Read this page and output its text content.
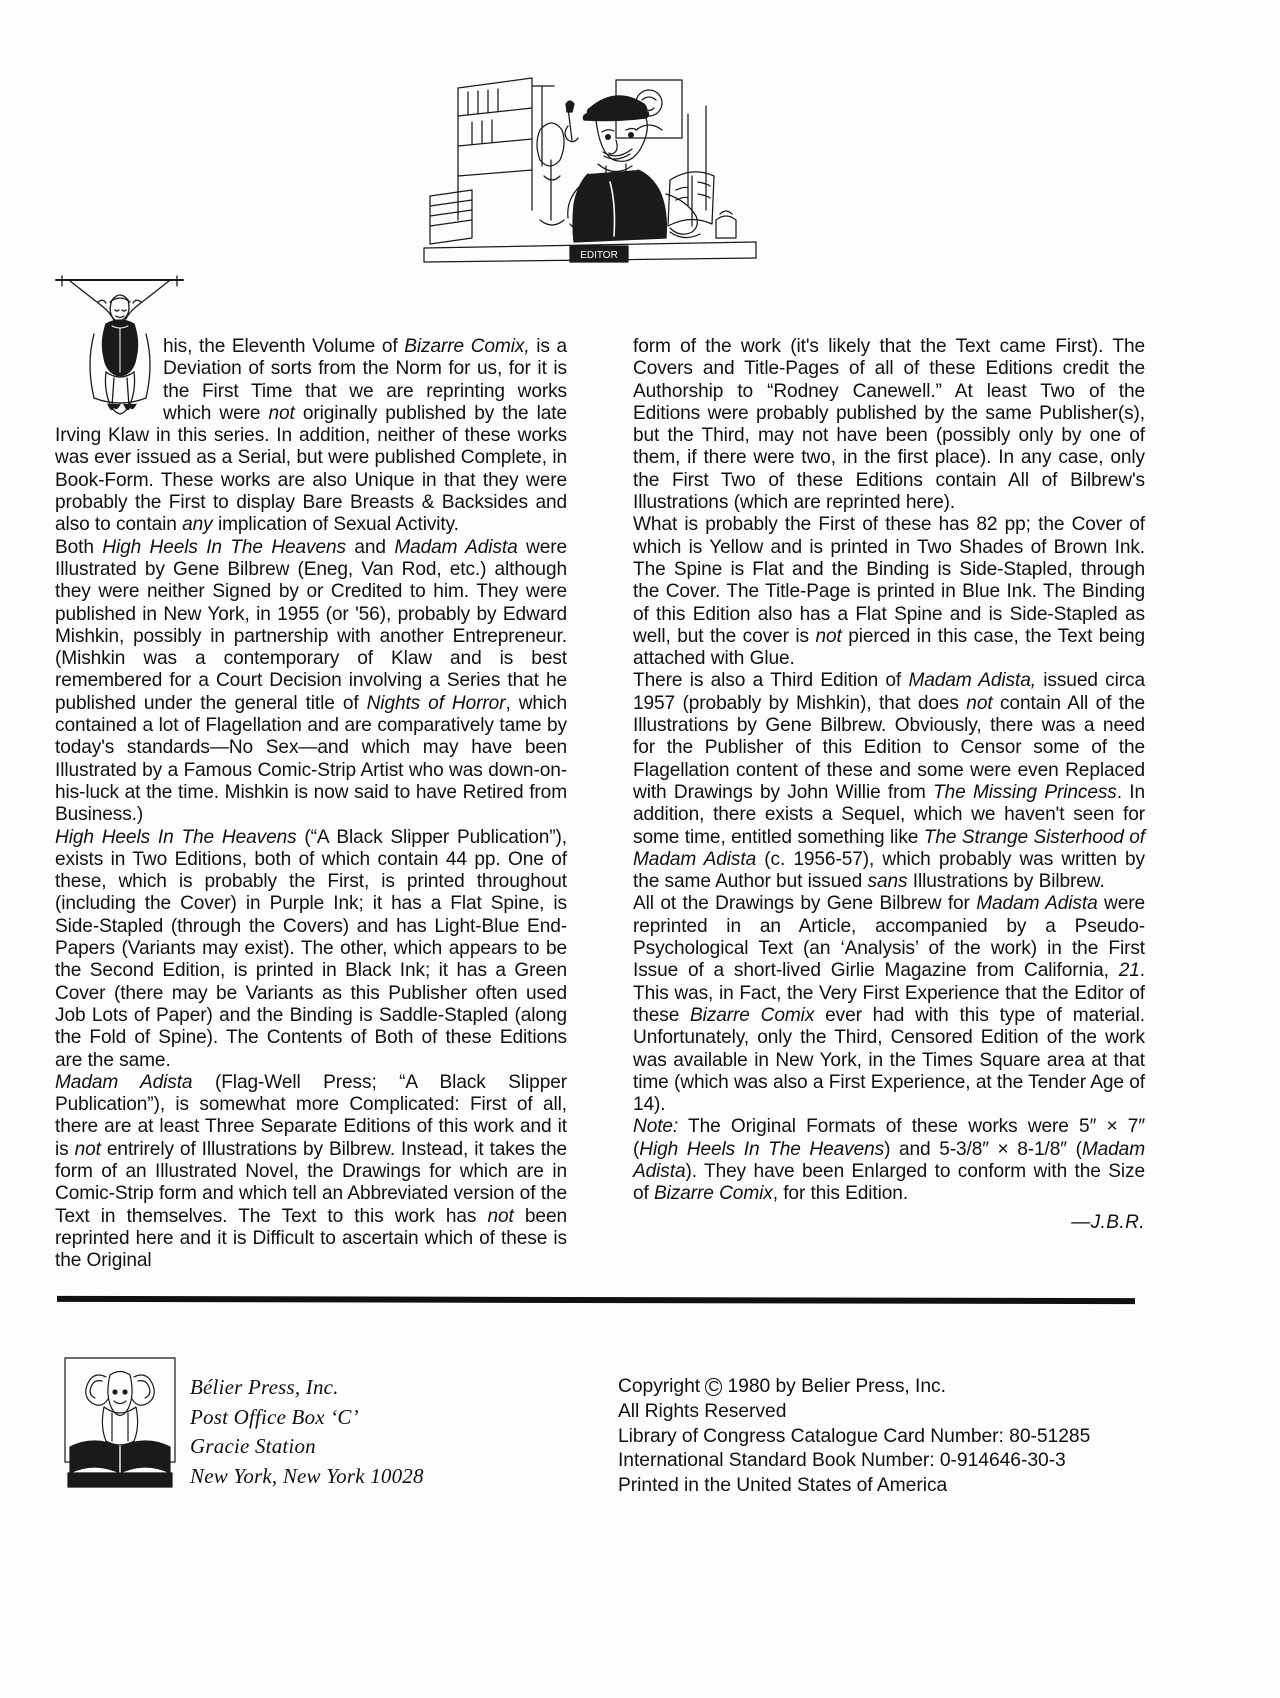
EDITOR

his, the Eleventh Volume of Bizarre Comix, is a Deviation of sorts from the Norm for us, for it is the First Time that we are reprinting works which were not originally published by the late Irving Klaw in this series. In addition, neither of these works was ever issued as a Serial, but were published Complete, in Book-Form. These works are also Unique in that they were probably the First to display Bare Breasts & Backsides and also to contain any implication of Sexual Activity.

Both High Heels In The Heavens and Madam Adista were Illustrated by Gene Bilbrew (Eneg, Van Rod, etc.) although they were neither Signed by or Credited to him. They were published in New York, in 1955 (or '56), probably by Edward Mishkin, possibly in partnership with another Entrepreneur. (Mishkin was a contemporary of Klaw and is best remembered for a Court Decision involving a Series that he published under the general title of Nights of Horror, which contained a lot of Flagellation and are comparatively tame by today's standards—No Sex—and which may have been Illustrated by a Famous Comic-Strip Artist who was down-on-his-luck at the time. Mishkin is now said to have Retired from Business.)

High Heels In The Heavens (“A Black Slipper Publication”), exists in Two Editions, both of which contain 44 pp. One of these, which is probably the First, is printed throughout (including the Cover) in Purple Ink; it has a Flat Spine, is Side-Stapled (through the Covers) and has Light-Blue End-Papers (Variants may exist). The other, which appears to be the Second Edition, is printed in Black Ink; it has a Green Cover (there may be Variants as this Publisher often used Job Lots of Paper) and the Binding is Saddle-Stapled (along the Fold of Spine). The Contents of Both of these Editions are the same.

Madam Adista (Flag-Well Press; “A Black Slipper Publication”), is somewhat more Complicated: First of all, there are at least Three Separate Editions of this work and it is not entrirely of Illustrations by Bilbrew. Instead, it takes the form of an Illustrated Novel, the Drawings for which are in Comic-Strip form and which tell an Abbreviated version of the Text in themselves. The Text to this work has not been reprinted here and it is Difficult to ascertain which of these is the Original

form of the work (it's likely that the Text came First). The Covers and Title-Pages of all of these Editions credit the Authorship to “Rodney Canewell.” At least Two of the Editions were probably published by the same Publisher(s), but the Third, may not have been (possibly only by one of them, if there were two, in the first place). In any case, only the First Two of these Editions contain All of Bilbrew's Illustrations (which are reprinted here).

What is probably the First of these has 82 pp; the Cover of which is Yellow and is printed in Two Shades of Brown Ink. The Spine is Flat and the Binding is Side-Stapled, through the Cover. The Title-Page is printed in Blue Ink. The Binding of this Edition also has a Flat Spine and is Side-Stapled as well, but the cover is not pierced in this case, the Text being attached with Glue.

There is also a Third Edition of Madam Adista, issued circa 1957 (probably by Mishkin), that does not contain All of the Illustrations by Gene Bilbrew. Obviously, there was a need for the Publisher of this Edition to Censor some of the Flagellation content of these and some were even Replaced with Drawings by John Willie from The Missing Princess. In addition, there exists a Sequel, which we haven't seen for some time, entitled something like The Strange Sisterhood of Madam Adista (c. 1956-57), which probably was written by the same Author but issued sans Illustrations by Bilbrew.

All ot the Drawings by Gene Bilbrew for Madam Adista were reprinted in an Article, accompanied by a Pseudo-Psychological Text (an ‘Analysis’ of the work) in the First Issue of a short-lived Girlie Magazine from California, 21. This was, in Fact, the Very First Experience that the Editor of these Bizarre Comix ever had with this type of material. Unfortunately, only the Third, Censored Edition of the work was available in New York, in the Times Square area at that time (which was also a First Experience, at the Tender Age of 14).

Note: The Original Formats of these works were 5″ × 7″ (High Heels In The Heavens) and 5-3/8″ × 8-1/8″ (Madam Adista). They have been Enlarged to conform with the Size of Bizarre Comix, for this Edition.

—J.B.R.
Bélier Press, Inc.
Post Office Box ‘C’
Gracie Station
New York, New York 10028
Copyright C 1980 by Belier Press, Inc.
All Rights Reserved
Library of Congress Catalogue Card Number: 80-51285
International Standard Book Number: 0-914646-30-3
Printed in the United States of America
